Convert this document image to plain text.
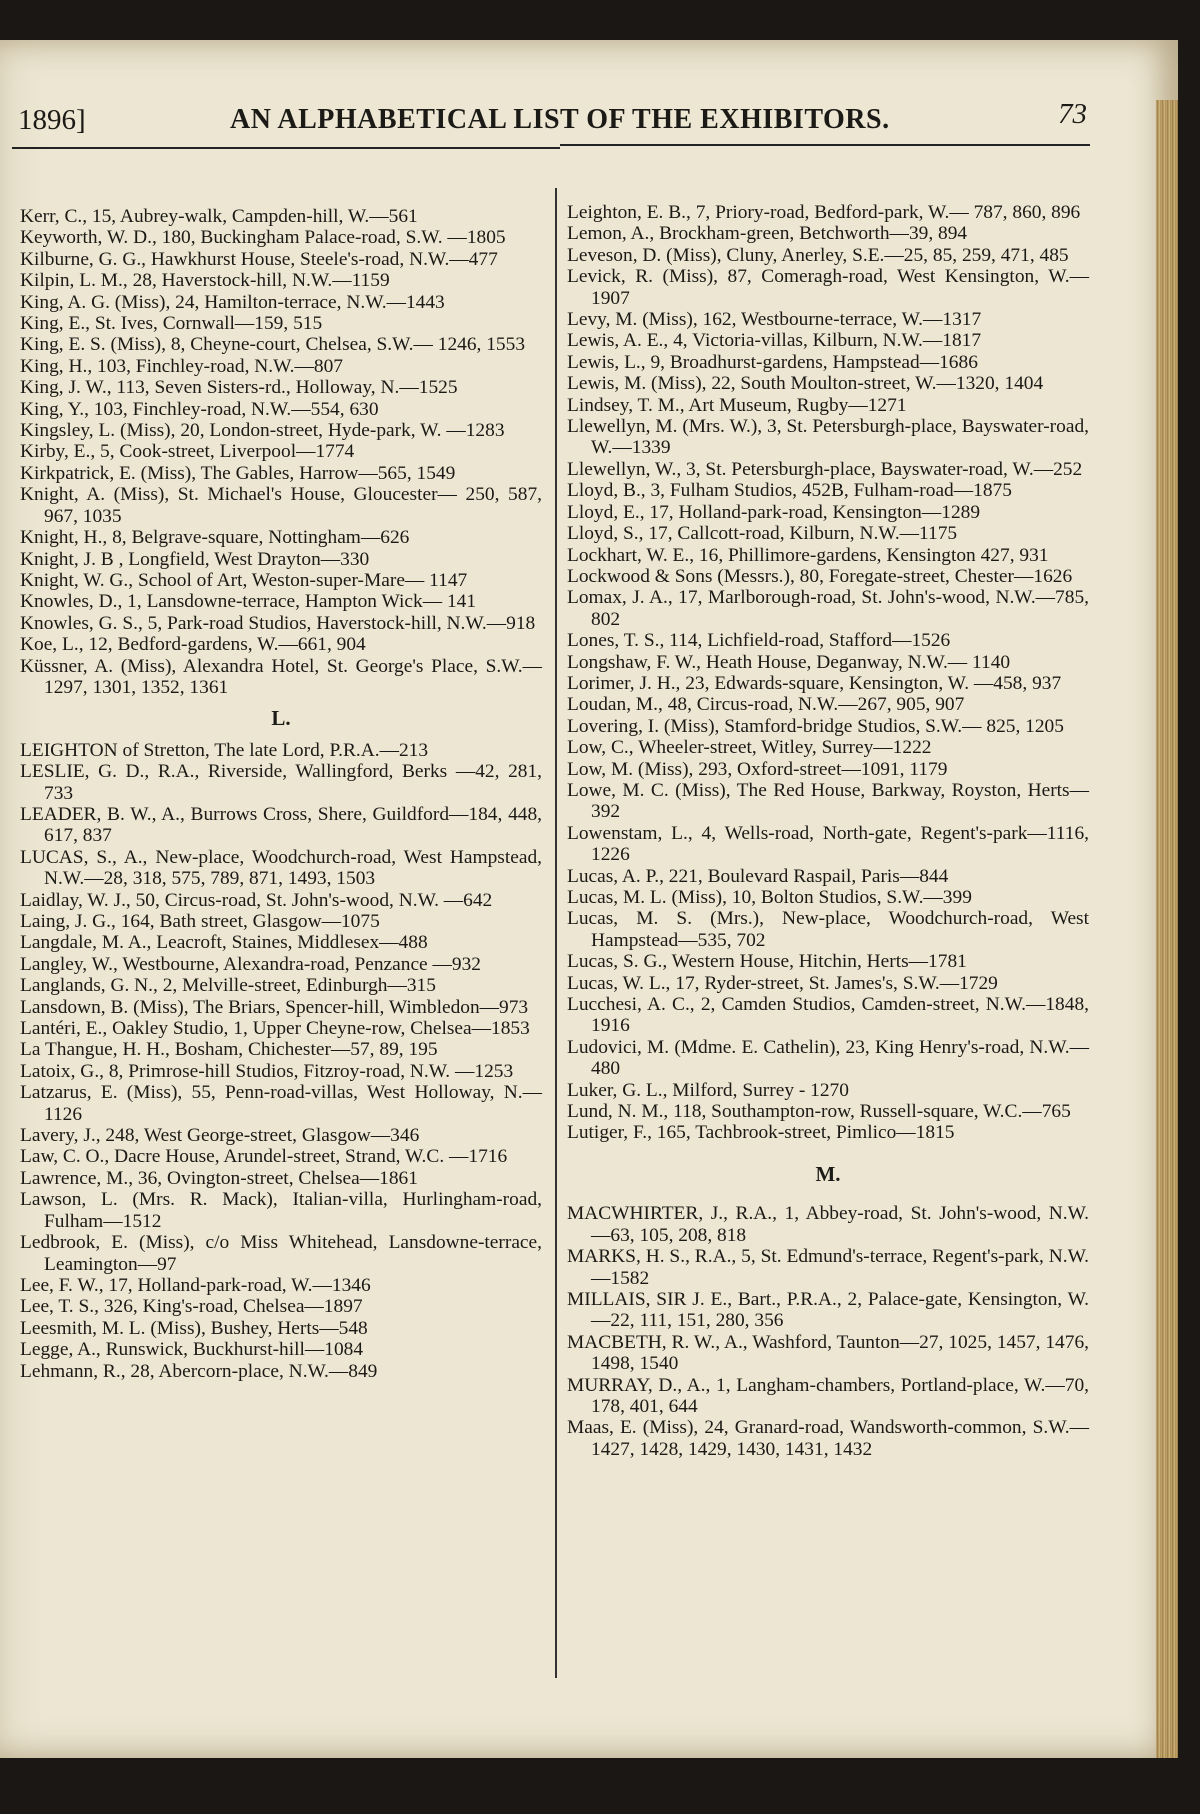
1896]	AN ALPHABETICAL LIST OF THE EXHIBITORS.	73

Kerr, C., 15, Aubrey-walk, Campden-hill, W.—561

Keyworth, W. D., 180, Buckingham Palace-road, S.W. —1805

Kilburne, G. G., Hawkhurst House, Steele's-road, N.W.—477

Kilpin, L. M., 28, Haverstock-hill, N.W.—1159

King, A. G. (Miss), 24, Hamilton-terrace, N.W.—1443

King, E., St. Ives, Cornwall—159, 515

King, E. S. (Miss), 8, Cheyne-court, Chelsea, S.W.— 1246, 1553

King, H., 103, Finchley-road, N.W.—807

King, J. W., 113, Seven Sisters-rd., Holloway, N.—1525

King, Y., 103, Finchley-road, N.W.—554, 630

Kingsley, L. (Miss), 20, London-street, Hyde-park, W. —1283

Kirby, E., 5, Cook-street, Liverpool—1774

Kirkpatrick, E. (Miss), The Gables, Harrow—565, 1549

Knight, A. (Miss), St. Michael's House, Gloucester— 250, 587, 967, 1035

Knight, H., 8, Belgrave-square, Nottingham—626

Knight, J. B , Longfield, West Drayton—330

Knight, W. G., School of Art, Weston-super-Mare— 1147

Knowles, D., 1, Lansdowne-terrace, Hampton Wick— 141

Knowles, G. S., 5, Park-road Studios, Haverstock-hill, N.W.—918

Koe, L., 12, Bedford-gardens, W.—661, 904

Küssner, A. (Miss), Alexandra Hotel, St. George's Place, S.W.—1297, 1301, 1352, 1361

L.

LEIGHTON of Stretton, The late Lord, P.R.A.—213

LESLIE, G. D., R.A., Riverside, Wallingford, Berks —42, 281, 733

LEADER, B. W., A., Burrows Cross, Shere, Guildford—184, 448, 617, 837

LUCAS, S., A., New-place, Woodchurch-road, West Hampstead, N.W.—28, 318, 575, 789, 871, 1493, 1503

Laidlay, W. J., 50, Circus-road, St. John's-wood, N.W. —642

Laing, J. G., 164, Bath street, Glasgow—1075

Langdale, M. A., Leacroft, Staines, Middlesex—488

Langley, W., Westbourne, Alexandra-road, Penzance —932

Langlands, G. N., 2, Melville-street, Edinburgh—315

Lansdown, B. (Miss), The Briars, Spencer-hill, Wimbledon—973

Lantéri, E., Oakley Studio, 1, Upper Cheyne-row, Chelsea—1853

La Thangue, H. H., Bosham, Chichester—57, 89, 195

Latoix, G., 8, Primrose-hill Studios, Fitzroy-road, N.W. —1253

Latzarus, E. (Miss), 55, Penn-road-villas, West Holloway, N.—1126

Lavery, J., 248, West George-street, Glasgow—346

Law, C. O., Dacre House, Arundel-street, Strand, W.C. —1716

Lawrence, M., 36, Ovington-street, Chelsea—1861

Lawson, L. (Mrs. R. Mack), Italian-villa, Hurlingham-road, Fulham—1512

Ledbrook, E. (Miss), c/o Miss Whitehead, Lansdowne-terrace, Leamington—97

Lee, F. W., 17, Holland-park-road, W.—1346

Lee, T. S., 326, King's-road, Chelsea—1897

Leesmith, M. L. (Miss), Bushey, Herts—548

Legge, A., Runswick, Buckhurst-hill—1084

Lehmann, R., 28, Abercorn-place, N.W.—849

Leighton, E. B., 7, Priory-road, Bedford-park, W.— 787, 860, 896

Lemon, A., Brockham-green, Betchworth—39, 894

Leveson, D. (Miss), Cluny, Anerley, S.E.—25, 85, 259, 471, 485

Levick, R. (Miss), 87, Comeragh-road, West Kensington, W.—1907

Levy, M. (Miss), 162, Westbourne-terrace, W.—1317

Lewis, A. E., 4, Victoria-villas, Kilburn, N.W.—1817

Lewis, L., 9, Broadhurst-gardens, Hampstead—1686

Lewis, M. (Miss), 22, South Moulton-street, W.—1320, 1404

Lindsey, T. M., Art Museum, Rugby—1271

Llewellyn, M. (Mrs. W.), 3, St. Petersburgh-place, Bayswater-road, W.—1339

Llewellyn, W., 3, St. Petersburgh-place, Bayswater-road, W.—252

Lloyd, B., 3, Fulham Studios, 452B, Fulham-road—1875

Lloyd, E., 17, Holland-park-road, Kensington—1289

Lloyd, S., 17, Callcott-road, Kilburn, N.W.—1175

Lockhart, W. E., 16, Phillimore-gardens, Kensington 427, 931

Lockwood & Sons (Messrs.), 80, Foregate-street, Chester—1626

Lomax, J. A., 17, Marlborough-road, St. John's-wood, N.W.—785, 802

Lones, T. S., 114, Lichfield-road, Stafford—1526

Longshaw, F. W., Heath House, Deganway, N.W.— 1140

Lorimer, J. H., 23, Edwards-square, Kensington, W. —458, 937

Loudan, M., 48, Circus-road, N.W.—267, 905, 907

Lovering, I. (Miss), Stamford-bridge Studios, S.W.— 825, 1205

Low, C., Wheeler-street, Witley, Surrey—1222

Low, M. (Miss), 293, Oxford-street—1091, 1179

Lowe, M. C. (Miss), The Red House, Barkway, Royston, Herts—392

Lowenstam, L., 4, Wells-road, North-gate, Regent's-park—1116, 1226

Lucas, A. P., 221, Boulevard Raspail, Paris—844

Lucas, M. L. (Miss), 10, Bolton Studios, S.W.—399

Lucas, M. S. (Mrs.), New-place, Woodchurch-road, West Hampstead—535, 702

Lucas, S. G., Western House, Hitchin, Herts—1781

Lucas, W. L., 17, Ryder-street, St. James's, S.W.—1729

Lucchesi, A. C., 2, Camden Studios, Camden-street, N.W.—1848, 1916

Ludovici, M. (Mdme. E. Cathelin), 23, King Henry's-road, N.W.—480

Luker, G. L., Milford, Surrey - 1270

Lund, N. M., 118, Southampton-row, Russell-square, W.C.—765

Lutiger, F., 165, Tachbrook-street, Pimlico—1815

M.

MACWHIRTER, J., R.A., 1, Abbey-road, St. John's-wood, N.W.—63, 105, 208, 818

MARKS, H. S., R.A., 5, St. Edmund's-terrace, Regent's-park, N.W.—1582

MILLAIS, SIR J. E., Bart., P.R.A., 2, Palace-gate, Kensington, W.—22, 111, 151, 280, 356

MACBETH, R. W., A., Washford, Taunton—27, 1025, 1457, 1476, 1498, 1540

MURRAY, D., A., 1, Langham-chambers, Portland-place, W.—70, 178, 401, 644

Maas, E. (Miss), 24, Granard-road, Wandsworth-common, S.W.—1427, 1428, 1429, 1430, 1431, 1432
